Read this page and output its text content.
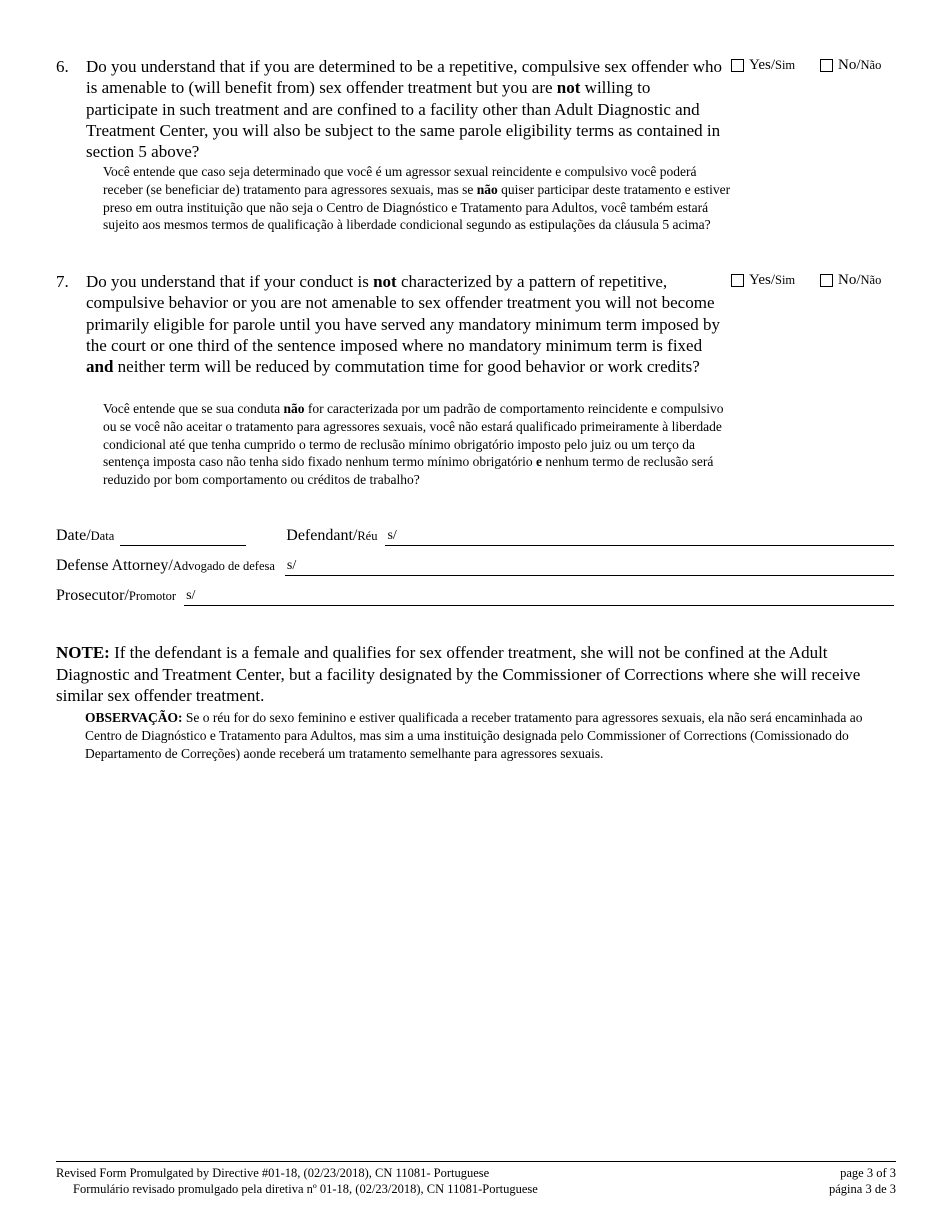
6. Do you understand that if you are determined to be a repetitive, compulsive sex offender who is amenable to (will benefit from) sex offender treatment but you are not willing to participate in such treatment and are confined to a facility other than Adult Diagnostic and Treatment Center, you will also be subject to the same parole eligibility terms as contained in section 5 above?
Você entende que caso seja determinado que você é um agressor sexual reincidente e compulsivo você poderá receber (se beneficiar de) tratamento para agressores sexuais, mas se não quiser participar deste tratamento e estiver preso em outra instituição que não seja o Centro de Diagnóstico e Tratamento para Adultos, você também estará sujeito aos mesmos termos de qualificação à liberdade condicional segundo as estipulações da cláusula 5 acima?
Yes/ Sim	No/ Não
7. Do you understand that if your conduct is not characterized by a pattern of repetitive, compulsive behavior or you are not amenable to sex offender treatment you will not become primarily eligible for parole until you have served any mandatory minimum term imposed by the court or one third of the sentence imposed where no mandatory minimum term is fixed and neither term will be reduced by commutation time for good behavior or work credits?
Você entende que se sua conduta não for caracterizada por um padrão de comportamento reincidente e compulsivo ou se você não aceitar o tratamento para agressores sexuais, você não estará qualificado primeiramente à liberdade condicional até que tenha cumprido o termo de reclusão mínimo obrigatório imposto pelo juiz ou um terço da sentença imposta caso não tenha sido fixado nenhum termo mínimo obrigatório e nenhum termo de reclusão será reduzido por bom comportamento ou créditos de trabalho?
Yes/ Sim	No/ Não
Date/Data	Defendant/Réu s/
Defense Attorney/Advogado de defesa s/
Prosecutor/Promotor s/
NOTE: If the defendant is a female and qualifies for sex offender treatment, she will not be confined at the Adult Diagnostic and Treatment Center, but a facility designated by the Commissioner of Corrections where she will receive similar sex offender treatment.
OBSERVAÇÃO: Se o réu for do sexo feminino e estiver qualificada a receber tratamento para agressores sexuais, ela não será encaminhada ao Centro de Diagnóstico e Tratamento para Adultos, mas sim a uma instituição designada pelo Commissioner of Corrections (Comissionado do Departamento de Correções) aonde receberá um tratamento semelhante para agressores sexuais.
Revised Form Promulgated by Directive #01-18, (02/23/2018), CN 11081- Portuguese
Formulário revisado promulgado pela diretiva nº 01-18, (02/23/2018), CN 11081-Portuguese
page 3 of 3
página 3 de 3
